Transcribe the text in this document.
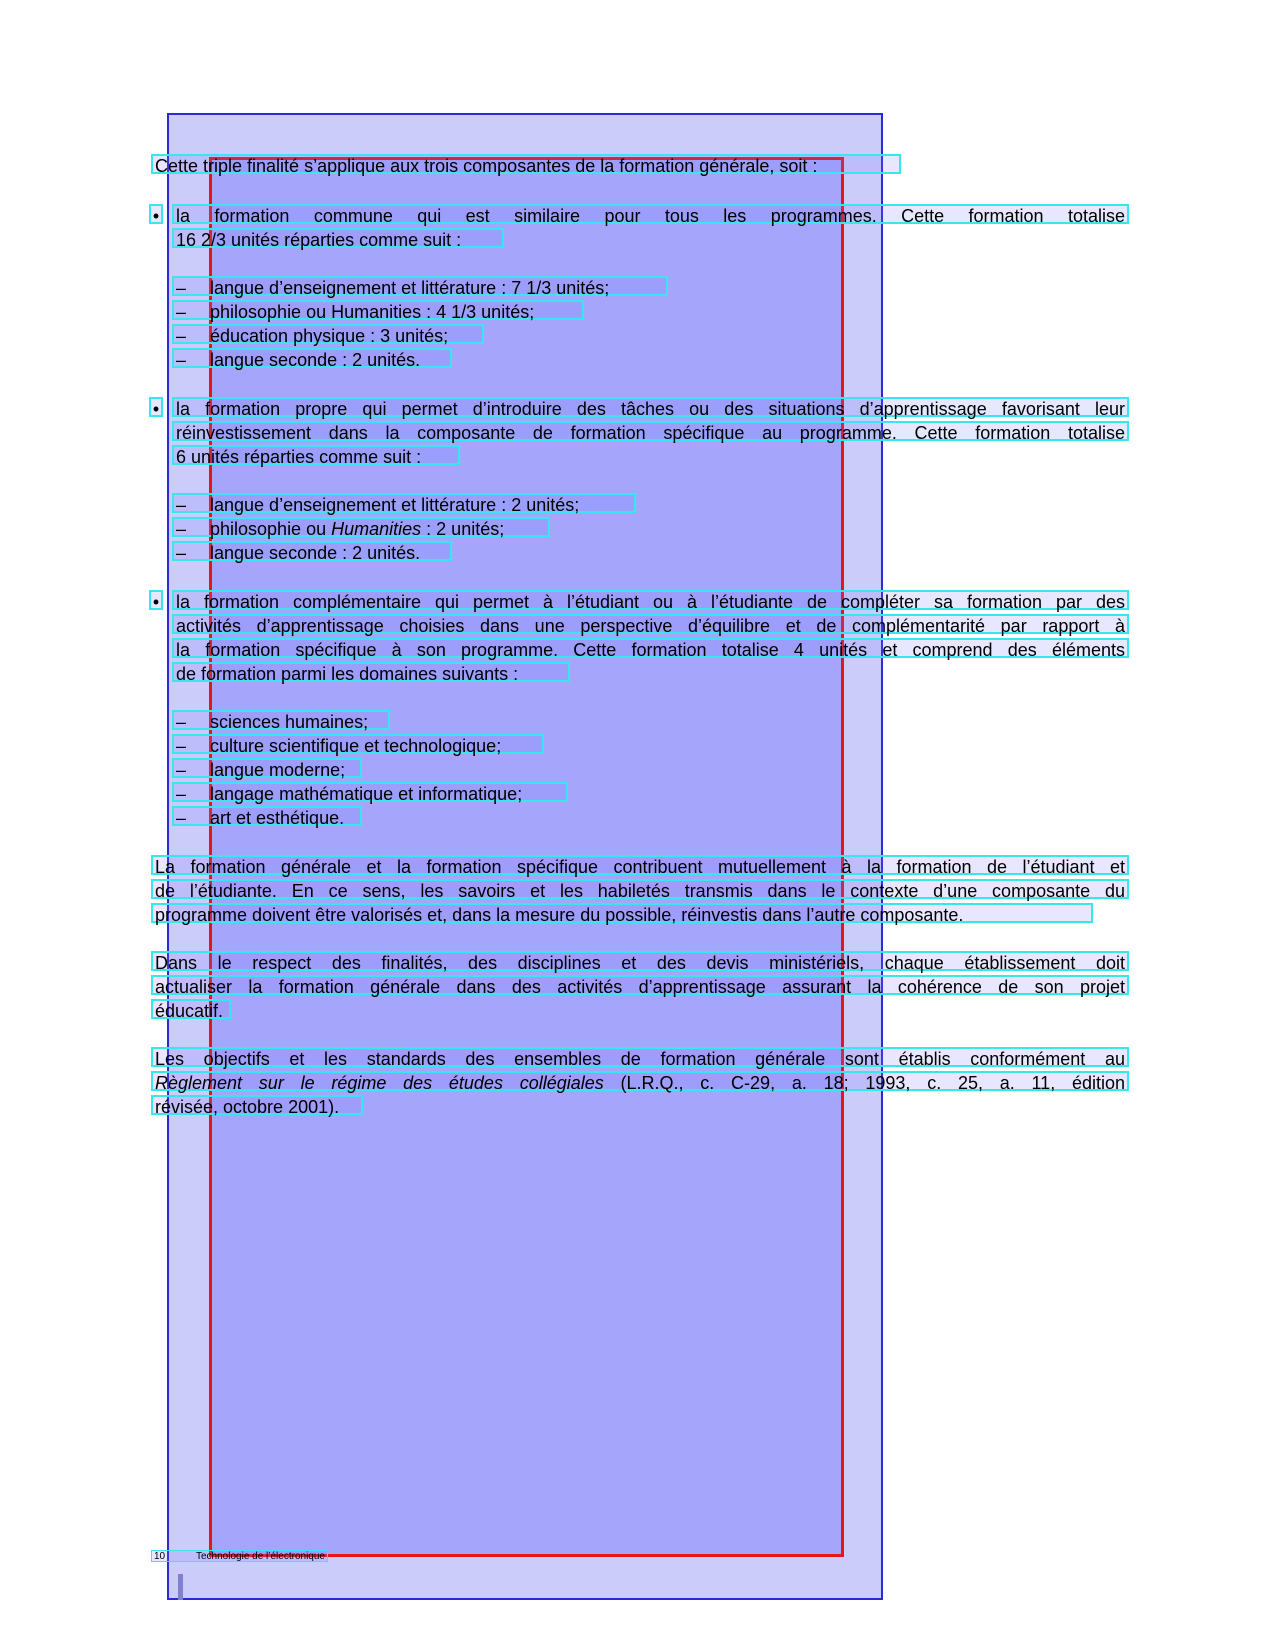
Cette triple finalité s’applique aux trois composantes de la formation générale, soit :
• la formation commune qui est similaire pour tous les programmes. Cette formation totalise
16 2/3 unités réparties comme suit :
– langue d’enseignement et littérature : 7 1/3 unités;
– philosophie ou Humanities : 4 1/3 unités;
– éducation physique : 3 unités;
– langue seconde : 2 unités.
• la formation propre qui permet d’introduire des tâches ou des situations d’apprentissage favorisant leur
réinvestissement dans la composante de formation spécifique au programme. Cette formation totalise
6 unités réparties comme suit :
– langue d’enseignement et littérature : 2 unités;
– philosophie ou Humanities : 2 unités;
– langue seconde : 2 unités.
• la formation complémentaire qui permet à l’étudiant ou à l’étudiante de compléter sa formation par des
activités d’apprentissage choisies dans une perspective d’équilibre et de complémentarité par rapport à
la formation spécifique à son programme. Cette formation totalise 4 unités et comprend des éléments
de formation parmi les domaines suivants :
– sciences humaines;
– culture scientifique et technologique;
– langue moderne;
– langage mathématique et informatique;
– art et esthétique.
La formation générale et la formation spécifique contribuent mutuellement à la formation de l’étudiant et
de l’étudiante. En ce sens, les savoirs et les habiletés transmis dans le contexte d’une composante du
programme doivent être valorisés et, dans la mesure du possible, réinvestis dans l’autre composante.
Dans le respect des finalités, des disciplines et des devis ministériels, chaque établissement doit
actualiser la formation générale dans des activités d’apprentissage assurant la cohérence de son projet
éducatif.
Les objectifs et les standards des ensembles de formation générale sont établis conformément au
Règlement sur le régime des études collégiales (L.R.Q., c. C-29, a. 18; 1993, c. 25, a. 11, édition
révisée, octobre 2001).
10	Technologie de l’électronique
